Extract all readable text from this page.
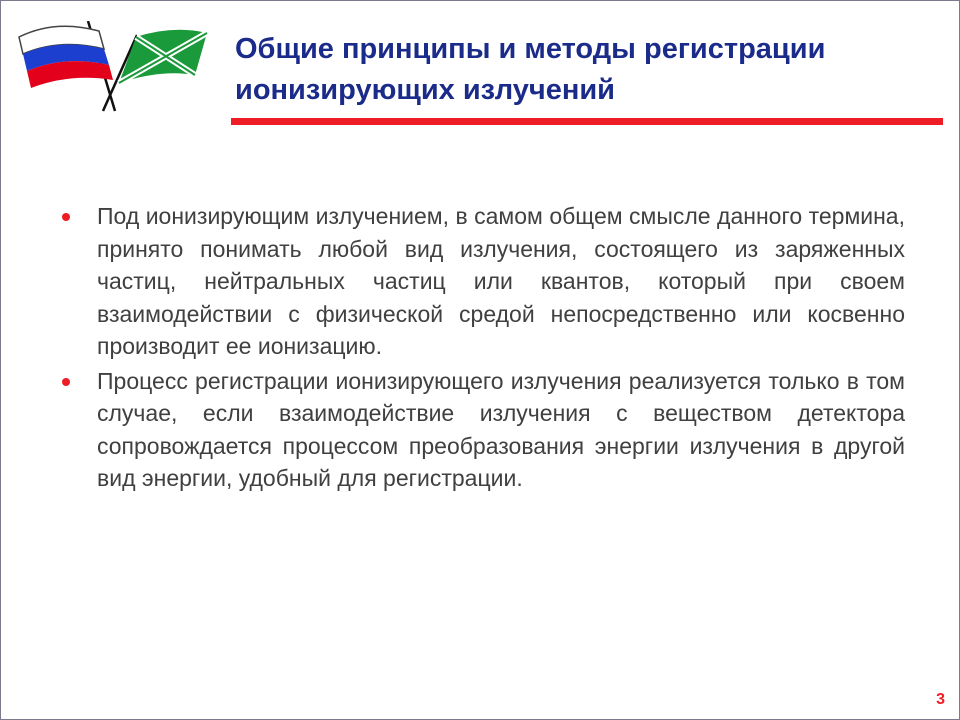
Общие принципы и методы регистрации
ионизирующих излучений
Под ионизирующим излучением, в самом общем смысле данного термина, принято понимать любой вид излучения, состоящего из заряженных частиц, нейтральных частиц или квантов, который при своем взаимодействии с физической средой непосредственно или косвенно производит ее ионизацию.
Процесс регистрации ионизирующего излучения реализуется только в том случае, если взаимодействие излучения с веществом детектора сопровождается процессом преобразования энергии излучения в другой вид энергии, удобный для регистрации.
3
